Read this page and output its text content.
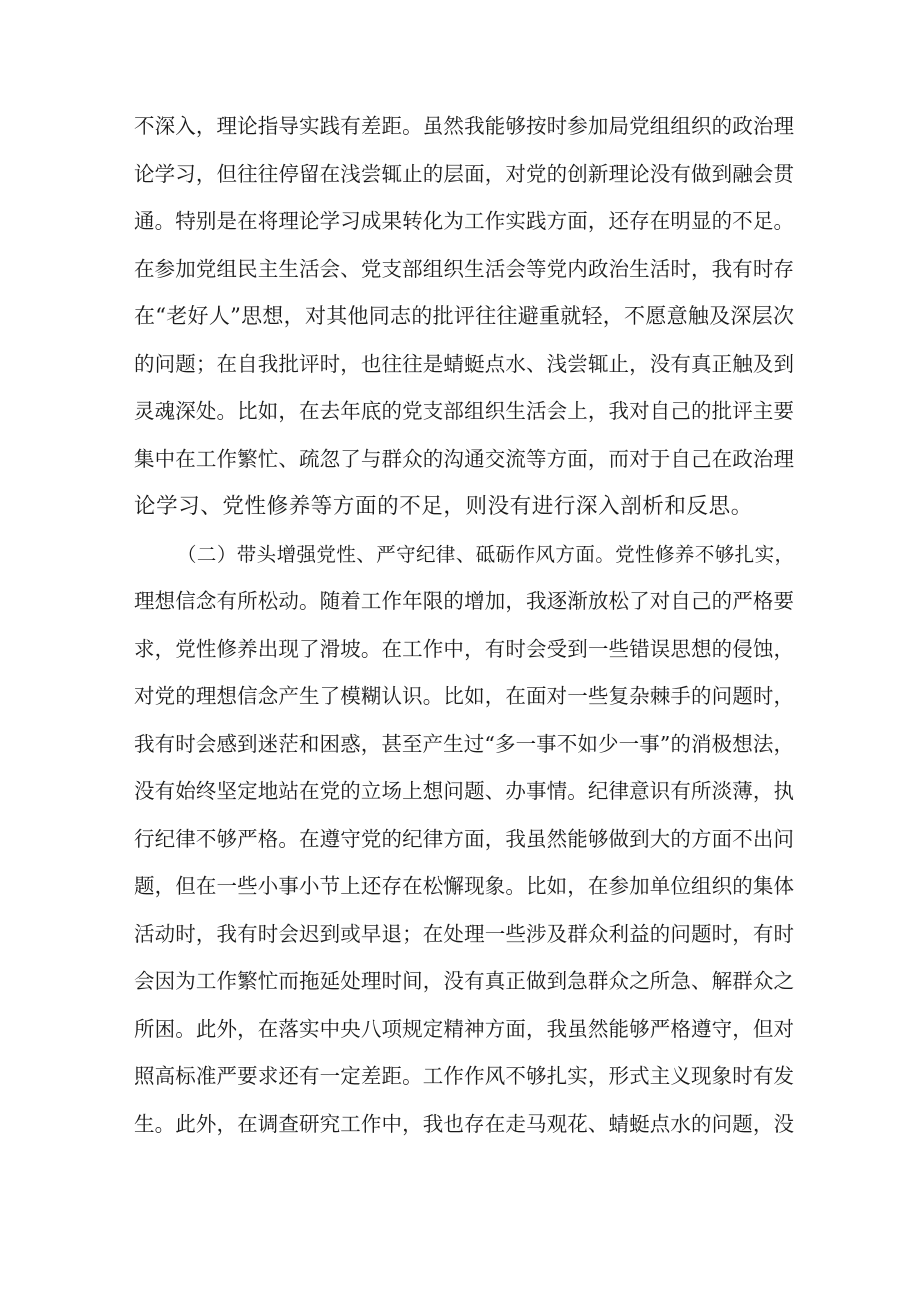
不深入，理论指导实践有差距。虽然我能够按时参加局党组组织的政治理
论学习，但往往停留在浅尝辄止的层面，对党的创新理论没有做到融会贯
通。特别是在将理论学习成果转化为工作实践方面，还存在明显的不足。
在参加党组民主生活会、党支部组织生活会等党内政治生活时，我有时存
在“老好人”思想，对其他同志的批评往往避重就轻，不愿意触及深层次
的问题；在自我批评时，也往往是蜻蜓点水、浅尝辄止，没有真正触及到
灵魂深处。比如，在去年底的党支部组织生活会上，我对自己的批评主要
集中在工作繁忙、疏忽了与群众的沟通交流等方面，而对于自己在政治理
论学习、党性修养等方面的不足，则没有进行深入剖析和反思。
（二）带头增强党性、严守纪律、砥砺作风方面。党性修养不够扎实，
理想信念有所松动。随着工作年限的增加，我逐渐放松了对自己的严格要
求，党性修养出现了滑坡。在工作中，有时会受到一些错误思想的侵蚀，
对党的理想信念产生了模糊认识。比如，在面对一些复杂棘手的问题时，
我有时会感到迷茫和困惑，甚至产生过“多一事不如少一事”的消极想法，
没有始终坚定地站在党的立场上想问题、办事情。纪律意识有所淡薄，执
行纪律不够严格。在遵守党的纪律方面，我虽然能够做到大的方面不出问
题，但在一些小事小节上还存在松懈现象。比如，在参加单位组织的集体
活动时，我有时会迟到或早退；在处理一些涉及群众利益的问题时，有时
会因为工作繁忙而拖延处理时间，没有真正做到急群众之所急、解群众之
所困。此外，在落实中央八项规定精神方面，我虽然能够严格遵守，但对
照高标准严要求还有一定差距。工作作风不够扎实，形式主义现象时有发
生。此外，在调查研究工作中，我也存在走马观花、蜻蜓点水的问题，没
